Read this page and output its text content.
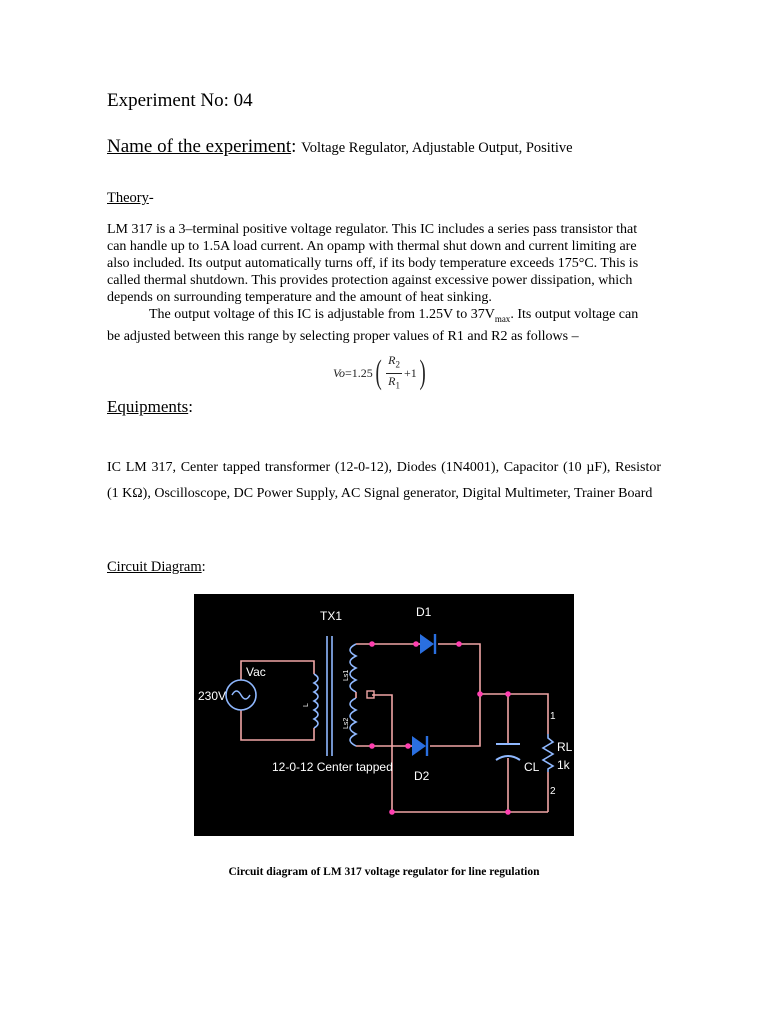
Experiment No: 04
Name of the experiment: Voltage Regulator, Adjustable Output, Positive
Theory-

LM 317 is a 3–terminal positive voltage regulator. This IC includes a series pass transistor that can handle up to 1.5A load current. An opamp with thermal shut down and current limiting are also included. Its output automatically turns off, if its body temperature exceeds 175°C. This is called thermal shutdown. This provides protection against excessive power dissipation, which depends on surrounding temperature and the amount of heat sinking.

The output voltage of this IC is adjustable from 1.25V to $37V_{max}$. Its output voltage can be adjusted between this range by selecting proper values of R1 and R2 as follows –

Vo =1.25 ( $\frac{R_2}{R_1} +1$ )
Equipments:
IC LM 317, Center tapped transformer (12-0-12), Diodes (1N4001), Capacitor (10 µF), Resistor (1 KΩ), Oscilloscope, DC Power Supply, AC Signal generator, Digital Multimeter, Trainer Board
Circuit Diagram:
TX1	D1
D2
Vac
230V
12-0-12 Center tapped	CL
RL
1k
1
2
L
Ls1
Ls2
Circuit diagram of LM 317 voltage regulator for line regulation
